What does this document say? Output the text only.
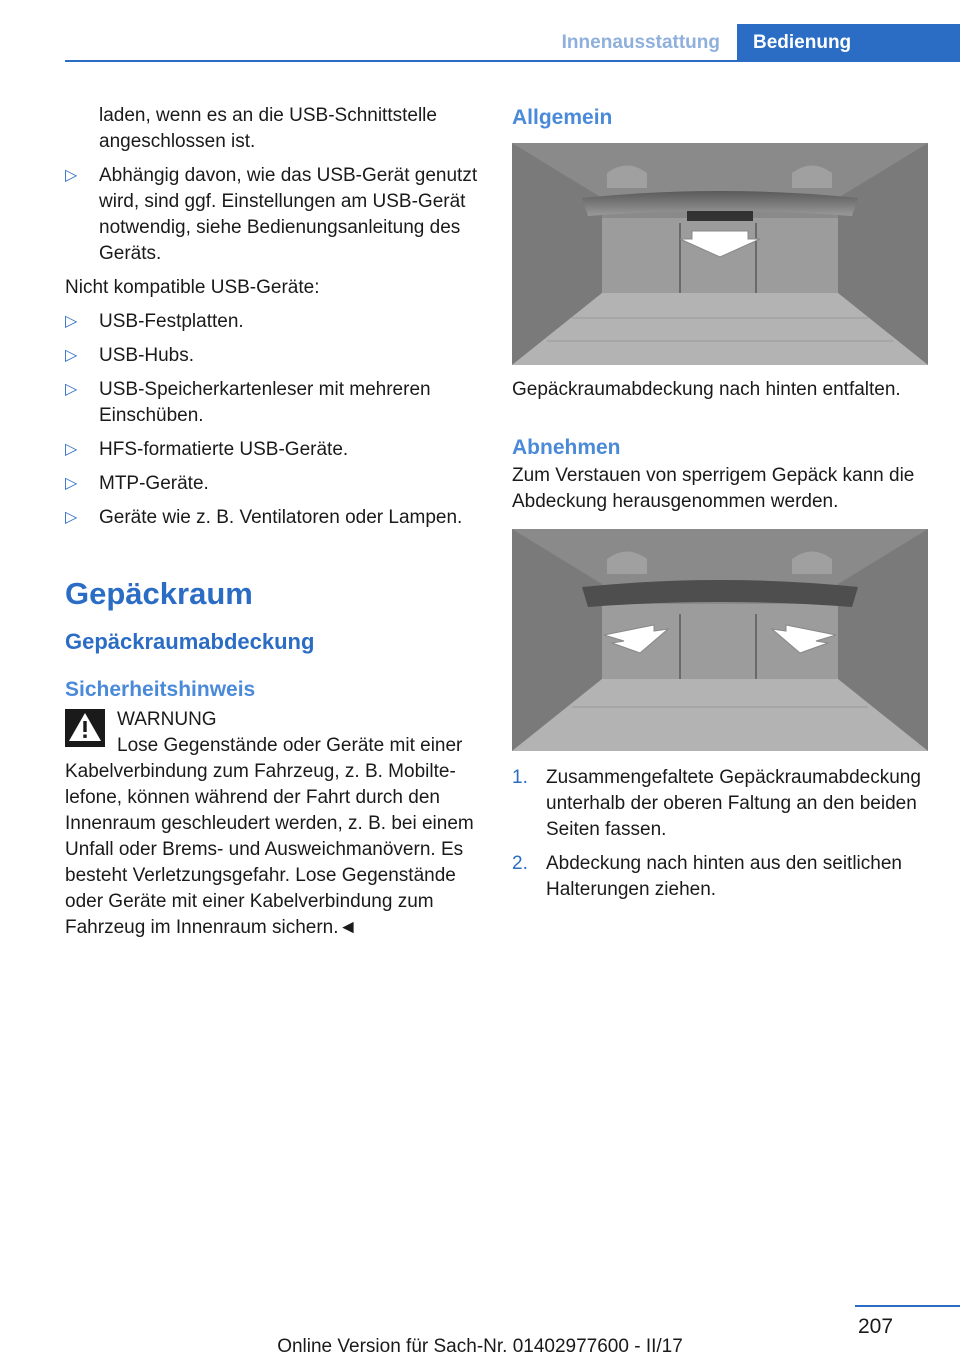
Innenausstattung	Bedienung

laden, wenn es an die USB-Schnittstelle angeschlossen ist.

▷ Abhängig davon, wie das USB-Gerät genutzt wird, sind ggf. Einstellungen am USB-Gerät notwendig, siehe Bedienungsanleitung des Geräts.

Nicht kompatible USB-Geräte:

▷ USB-Festplatten.
▷ USB-Hubs.
▷ USB-Speicherkartenleser mit mehreren Einschüben.
▷ HFS-formatierte USB-Geräte.
▷ MTP-Geräte.
▷ Geräte wie z. B. Ventilatoren oder Lampen.
Gepäckraum
Gepäckraumabdeckung
Sicherheitshinweis

WARNUNG

Lose Gegenstände oder Geräte mit einer Kabelverbindung zum Fahrzeug, z. B. Mobiltelefone, können während der Fahrt durch den Innenraum geschleudert werden, z. B. bei einem Unfall oder Brems- und Ausweichmanövern. Es besteht Verletzungsgefahr. Lose Gegenstände oder Geräte mit einer Kabelverbindung zum Fahrzeug im Innenraum sichern.◄

Allgemein

Gepäckraumabdeckung nach hinten entfalten.

Abnehmen

Zum Verstauen von sperrigem Gepäck kann die Abdeckung herausgenommen werden.

1. Zusammengefaltete Gepäckraumabdeckung unterhalb der oberen Faltung an den beiden Seiten fassen.
2. Abdeckung nach hinten aus den seitlichen Halterungen ziehen.
207
Online Version für Sach-Nr. 01402977600 - II/17
